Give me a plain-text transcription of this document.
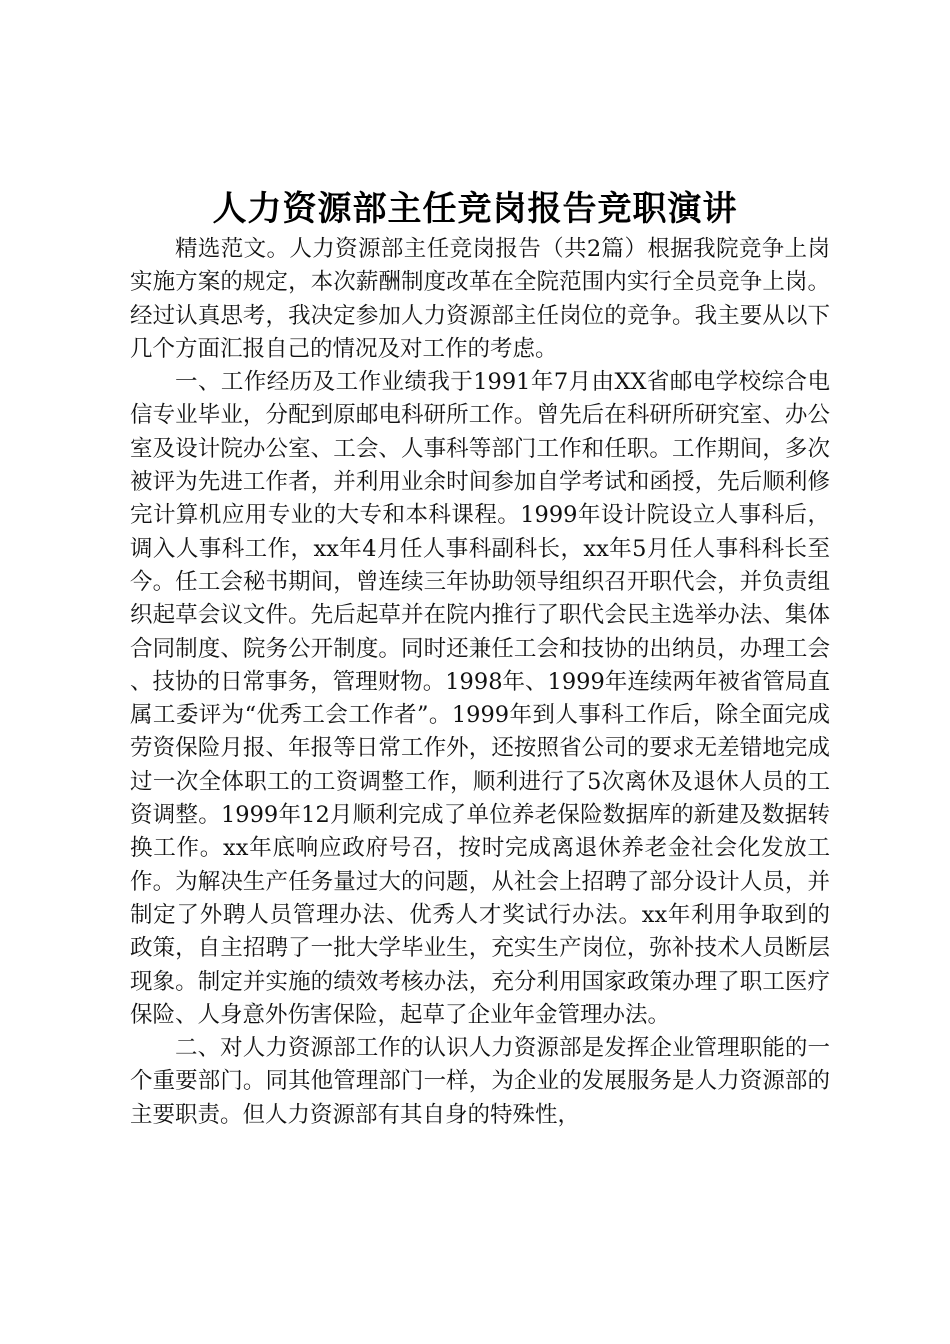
人力资源部主任竞岗报告竞职演讲

精选范文。人力资源部主任竞岗报告（共2篇）根据我院竞争上岗实施方案的规定，本次薪酬制度改革在全院范围内实行全员竞争上岗。经过认真思考，我决定参加人力资源部主任岗位的竞争。我主要从以下几个方面汇报自己的情况及对工作的考虑。

一、工作经历及工作业绩我于1991年7月由XX省邮电学校综合电信专业毕业，分配到原邮电科研所工作。曾先后在科研所研究室、办公室及设计院办公室、工会、人事科等部门工作和任职。工作期间，多次被评为先进工作者，并利用业余时间参加自学考试和函授，先后顺利修完计算机应用专业的大专和本科课程。1999年设计院设立人事科后，调入人事科工作，xx年4月任人事科副科长，xx年5月任人事科科长至今。任工会秘书期间，曾连续三年协助领导组织召开职代会，并负责组织起草会议文件。先后起草并在院内推行了职代会民主选举办法、集体合同制度、院务公开制度。同时还兼任工会和技协的出纳员，办理工会、技协的日常事务，管理财物。1998年、1999年连续两年被省管局直属工委评为“优秀工会工作者”。1999年到人事科工作后，除全面完成劳资保险月报、年报等日常工作外，还按照省公司的要求无差错地完成过一次全体职工的工资调整工作，顺利进行了5次离休及退休人员的工资调整。1999年12月顺利完成了单位养老保险数据库的新建及数据转换工作。xx年底响应政府号召，按时完成离退休养老金社会化发放工作。为解决生产任务量过大的问题，从社会上招聘了部分设计人员，并制定了外聘人员管理办法、优秀人才奖试行办法。xx年利用争取到的政策，自主招聘了一批大学毕业生，充实生产岗位，弥补技术人员断层现象。制定并实施的绩效考核办法，充分利用国家政策办理了职工医疗保险、人身意外伤害保险，起草了企业年金管理办法。

二、对人力资源部工作的认识人力资源部是发挥企业管理职能的一个重要部门。同其他管理部门一样，为企业的发展服务是人力资源部的主要职责。但人力资源部有其自身的特殊性，
